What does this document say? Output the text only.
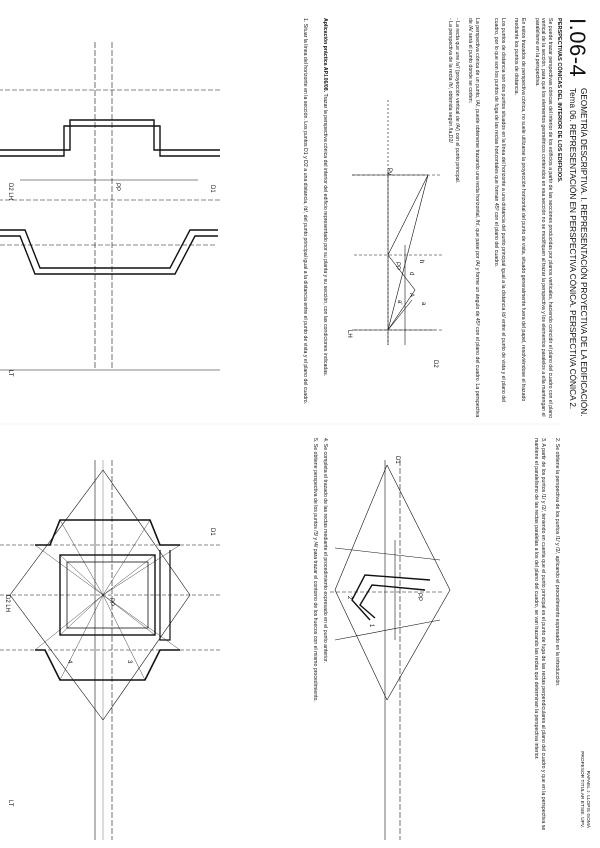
I.06-4
GEOMETRÍA DESCRIPTIVA. I. REPRESENTACIÓN PROYECTIVA DE LA EDIFICACIÓN.
Tema 06. REPRESENTACIÓN EN PERSPECTIVA CÓNICA. PERSPECTIVA CÓNICA 2.
RAFAEL J. LLOPIS GOMÁ
PROFESOR TITULAR ETSIE. UPV.
PERSPECTIVAS CÓNICAS DEL INTERIOR DE LOS EDIFICIOS.
Se puede trazar perspectivas cónicas del interior de los edificios a partir de las secciones producidas por planos verticales, haciendo coincidir el plano del cuadro con el plano vertical de la sección, para que los elementos geométricos contenidos en esa sección no se modifiquen al trazar la perspectiva y los elementos paralelos a ella mantengan el paralelismo en la perspectiva.
En estos trazados de perspectiva cónica, no suele utilizarse la proyección horizontal del punto de vista, situado generalmente fuera del papel, resolviéndose el trazado mediante los puntos de distancia.
Los puntos de distancia son dos puntos situados en la línea del horizonte a una distancia del punto principal igual a la distancia /d/ entre el punto de vista y el plano del cuadro, por lo que son los puntos de fuga de las rectas horizontales que forman 45º con el plano del cuadro.
La perspectiva cónica de un punto, /A/, puede obtenerse trazando una recta horizontal, /h/, que pase por /A/ y forme un ángulo de 45º con el plano del cuadro. La perspectiva de /A/ será el punto donde se corten:
- La recta que une /a'/ (proyección vertical de /A/) con el punto principal.
- La perspectiva de la recta /h/, obtenida según /Ia,D2/
Aplicación práctica AP.I.06/08. Trazar la perspectiva cónica del interior del edificio representado por su planta y su sección, con las condiciones indicadas.
1. Situar la línea del horizonte en la sección. Los puntos D1 y D2 a una distancia, /d/, del punto principal igual a la distancia entre el punto de vista y el plano del cuadro.
2. Se obtiene la perspectiva de los puntos /1/ y /2/, aplicando el procedimiento expresado en la introducción.
3. A partir de los puntos /1/ y /2/, teniendo en cuenta que el punto principal es el punto de fuga de las rectas perpendiculares al plano del cuadro y que en la perspectiva se mantiene el paralelismo de las rectas paralelas a los del plano del cuadro, se van trazando las rectas que determinan la perspectiva interior.
4. Se completa el trazado de las rectas mediante el procedimiento expresado en el punto anterior.
5. Se obtiene perspectiva de los puntos /3/ y /4/ para trazar el contorno de los huecos con el mismo procedimiento.
D2
LH
PP
Pv
A
a'	a
h
d
D1
PP
D2 LH
LT
D1
PP
D2 LH
1
2
D1
PP
LT
3
4
